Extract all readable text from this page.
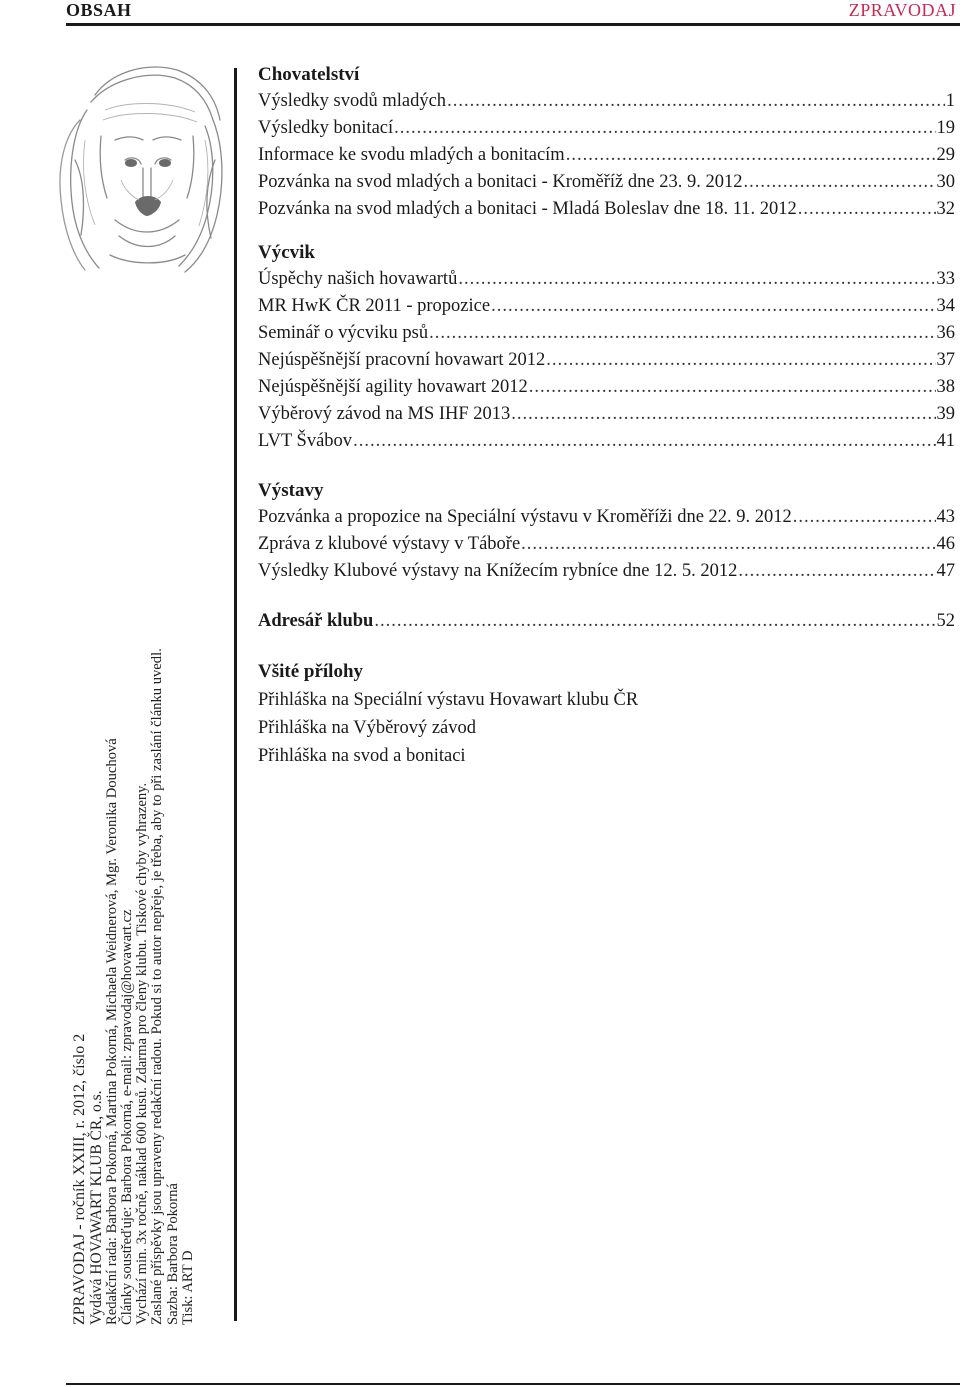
OBSAH	ZPRAVODAJ
ZPRAVODAJ - ročník XXIII, r. 2012, číslo 2 Vydává HOVAWART KLUB ČR, o.s. Redakční rada: Barbora Pokorná, Martina Pokorná, Michaela Weidnerová, Mgr. Veronika Douchová Články soustřeďuje: Barbora Pokorná, e-mail: zpravodaj@hovawart.cz Vychází min. 3x ročně, náklad 600 kusů. Zdarma pro členy klubu. Tiskové chyby vyhrazeny. Zaslané příspěvky jsou upraveny redakční radou. Pokud si to autor nepřeje, je třeba, aby to při zaslání článku uvedl. Sazba: Barbora Pokorná Tisk: ART D
Chovatelství
Výsledky svodů mladých .....	1
Výsledky bonitací .....	19
Informace ke svodu mladých a bonitacím .....	29
Pozvánka na svod mladých a bonitaci - Kroměříž dne 23. 9. 2012 .....	30
Pozvánka na svod mladých a bonitaci - Mladá Boleslav dne 18. 11. 2012 .....	32
Výcvik
Úspěchy našich hovawartů .....	33
MR HwK ČR 2011 - propozice .....	34
Seminář o výcviku psů .....	36
Nejúspěšnější pracovní hovawart 2012 .....	37
Nejúspěšnější agility hovawart 2012 .....	38
Výběrový závod na MS IHF 2013 .....	39
LVT Švábov .....	41
Výstavy
Pozvánka a propozice na Speciální výstavu v Kroměříži dne 22. 9. 2012 .....	43
Zpráva z klubové výstavy v Táboře .....	46
Výsledky Klubové výstavy na Knížecím rybníce dne 12. 5. 2012 .....	47
Adresář klubu .....	52
Všité přílohy
Přihláška na Speciální výstavu Hovawart klubu ČR
Přihláška na Výběrový závod
Přihláška na svod a bonitaci
